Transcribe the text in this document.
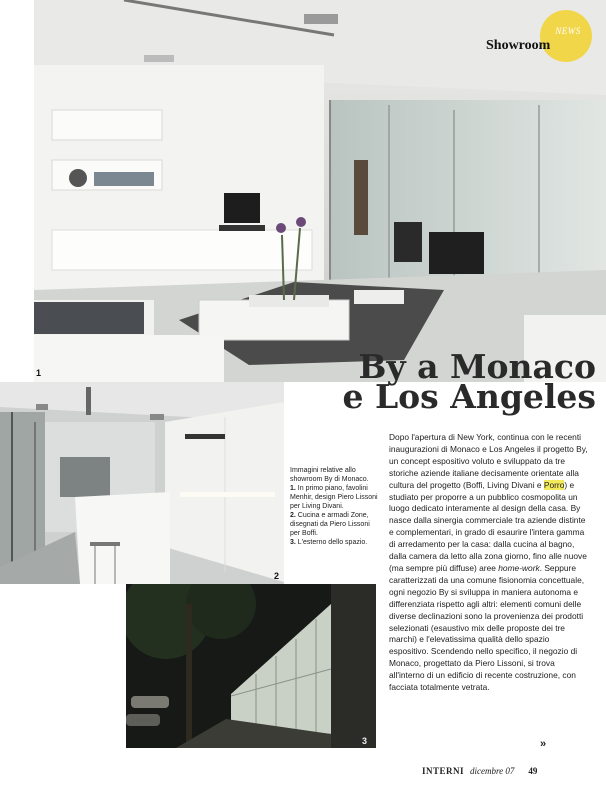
1
NEWS
Showroom
By a Monaco
e Los Angeles
2
Immagini relative allo showroom By di Monaco.
1. In primo piano, favolini Menhir, design Piero Lissoni per Living Divani.
2. Cucina e armadi Zone, disegnati da Piero Lissoni per Boffi.
3. L'esterno dello spazio.
3
Dopo l'apertura di New York, continua con le recenti inaugurazioni di Monaco e Los Angeles il progetto By, un concept espositivo voluto e sviluppato da tre storiche aziende italiane decisamente orientate alla cultura del progetto (Boffi, Living Divani e Porro) e studiato per proporre a un pubblico cosmopolita un luogo dedicato interamente al design della casa. By nasce dalla sinergia commerciale tra aziende distinte e complementari, in grado di esaurire l'intera gamma di arredamento per la casa: dalla cucina al bagno, dalla camera da letto alla zona giorno, fino alle nuove (ma sempre più diffuse) aree home-work. Seppure caratterizzati da una comune fisionomia concettuale, ogni negozio By si sviluppa in maniera autonoma e differenziata rispetto agli altri: elementi comuni delle diverse declinazioni sono la provenienza dei prodotti selezionati (esaustivo mix delle proposte dei tre marchi) e l'elevatissima qualità dello spazio espositivo. Scendendo nello specifico, il negozio di Monaco, progettato da Piero Lissoni, si trova all'interno di un edificio di recente costruzione, con facciata totalmente vetrata.
»
INTERNI dicembre 07 49
